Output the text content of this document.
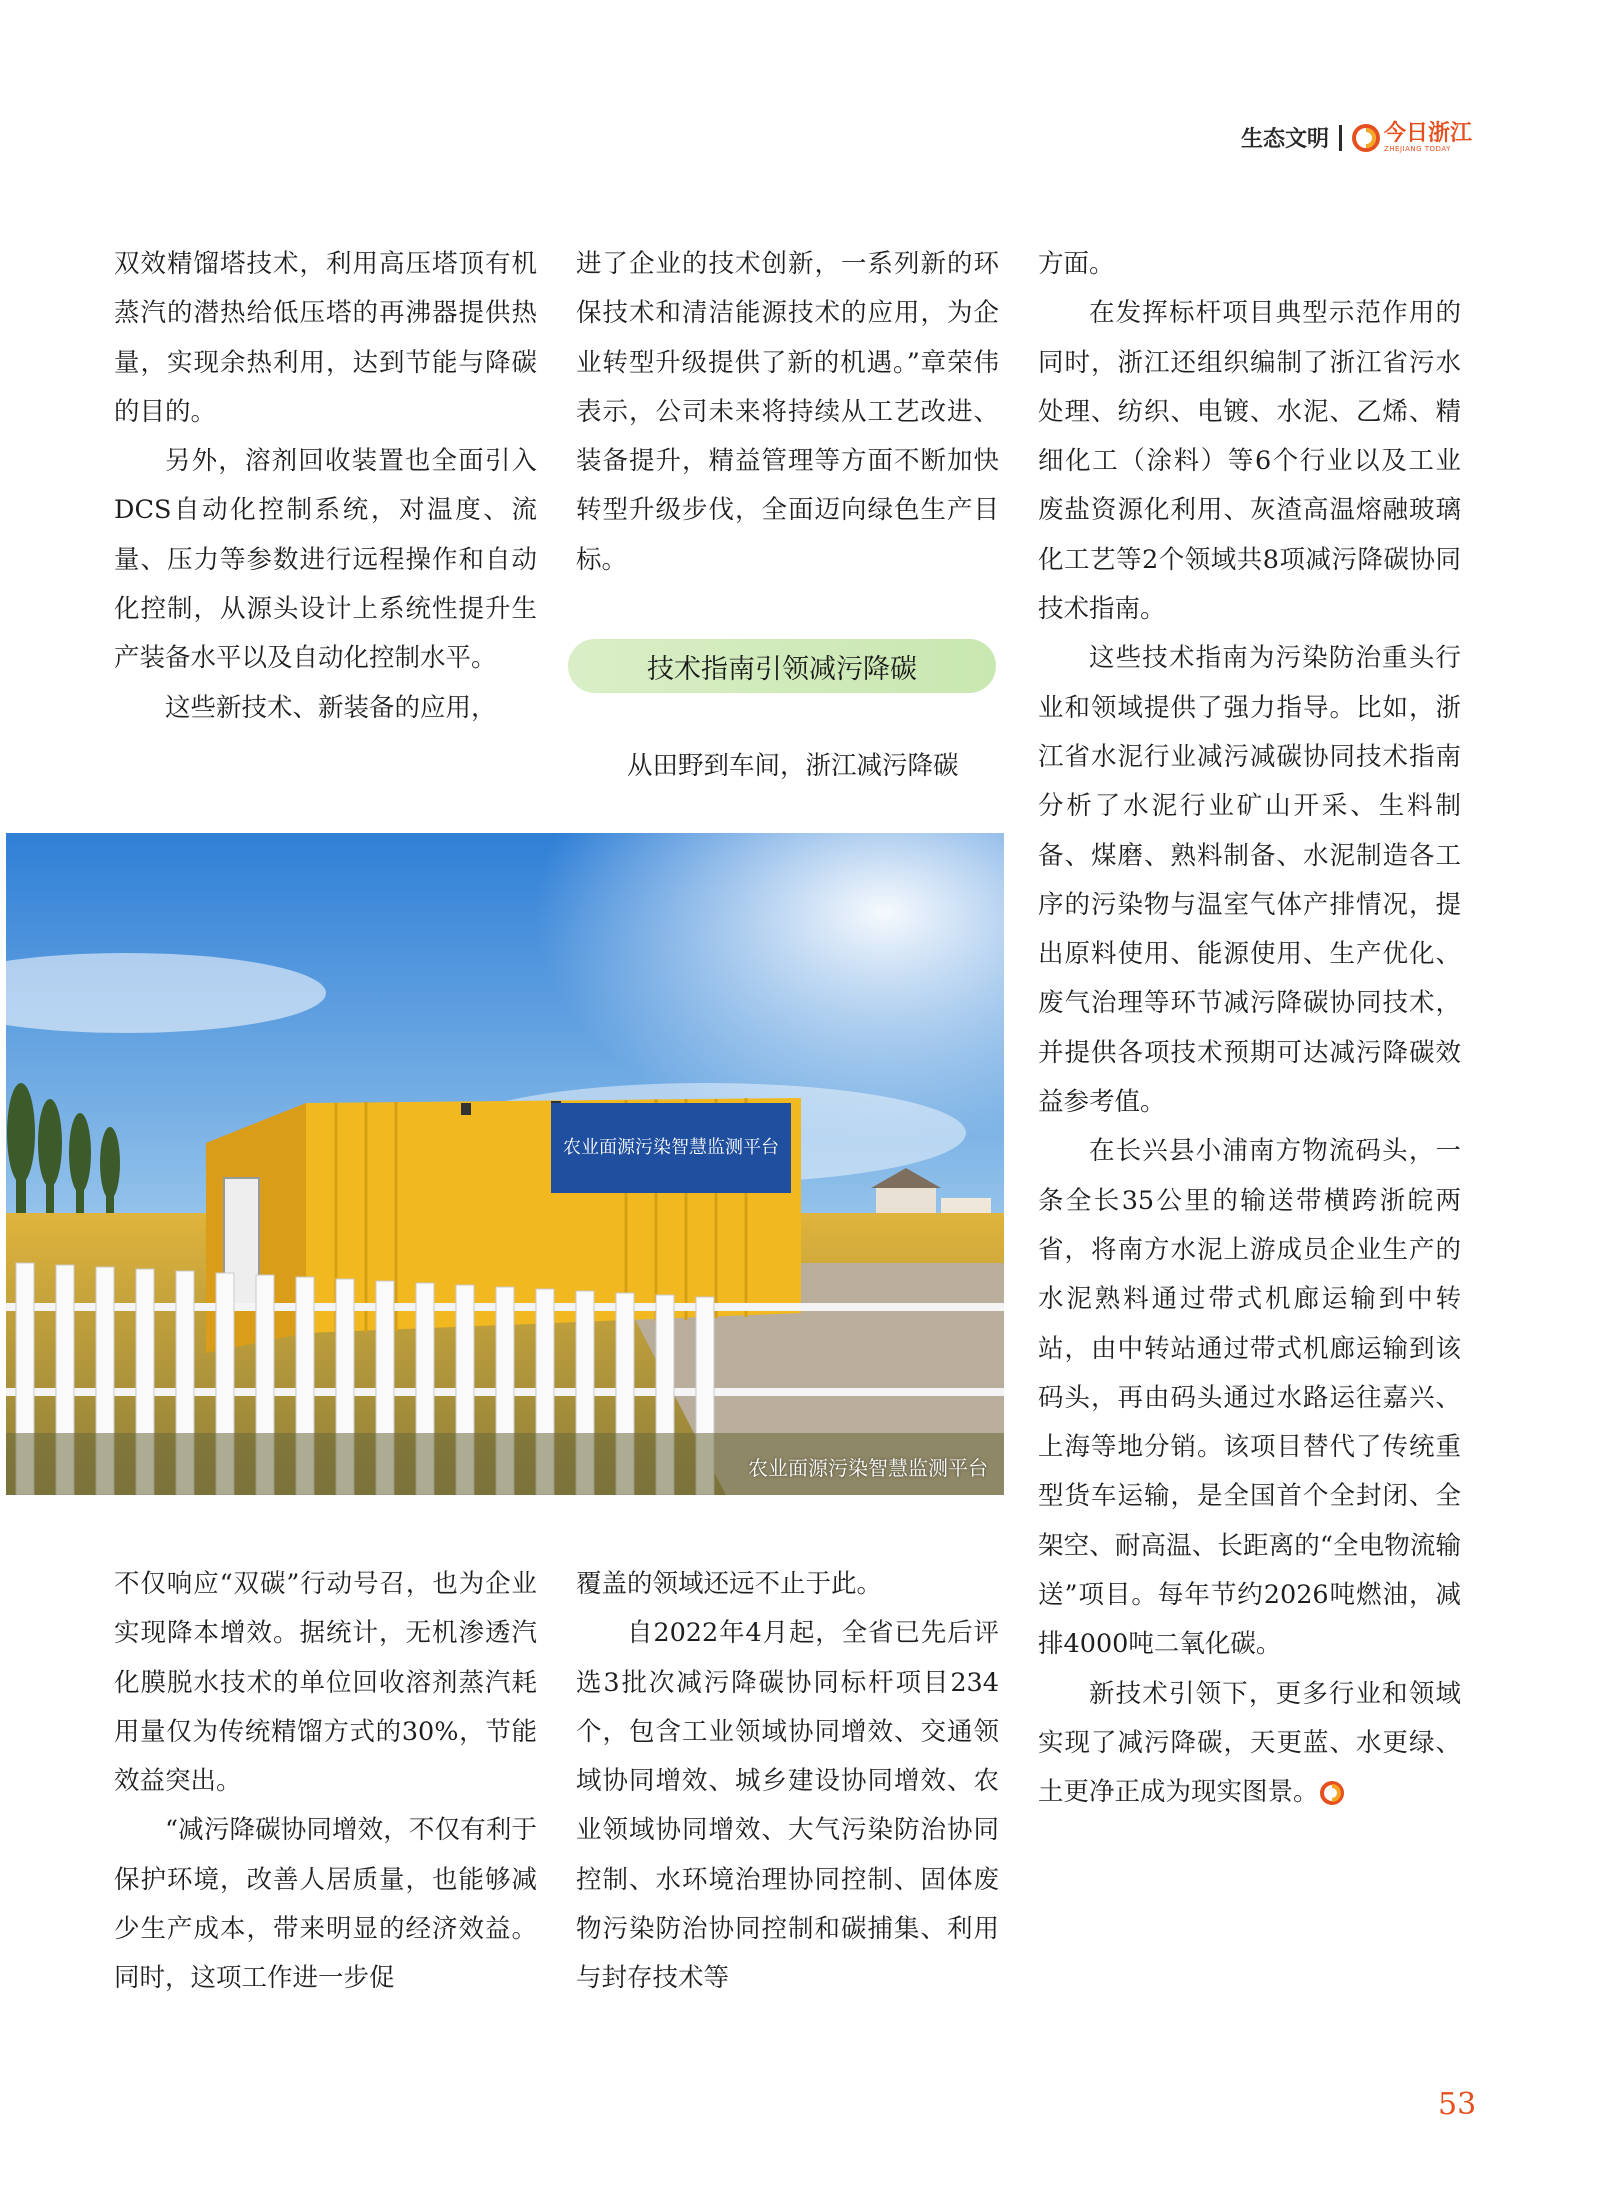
生态文明	今日浙江
ZHEJIANG TODAY

双效精馏塔技术，利用高压塔顶有机蒸汽的潜热给低压塔的再沸器提供热量，实现余热利用，达到节能与降碳的目的。

另外，溶剂回收装置也全面引入DCS自动化控制系统，对温度、流量、压力等参数进行远程操作和自动化控制，从源头设计上系统性提升生产装备水平以及自动化控制水平。

这些新技术、新装备的应用，

进了企业的技术创新，一系列新的环保技术和清洁能源技术的应用，为企业转型升级提供了新的机遇。”章荣伟表示，公司未来将持续从工艺改进、装备提升，精益管理等方面不断加快转型升级步伐，全面迈向绿色生产目标。

技术指南引领减污降碳

从田野到车间，浙江减污降碳

农业面源污染智慧监测平台
农业面源污染智慧监测平台

不仅响应“双碳”行动号召，也为企业实现降本增效。据统计，无机渗透汽化膜脱水技术的单位回收溶剂蒸汽耗用量仅为传统精馏方式的30%，节能效益突出。

“减污降碳协同增效，不仅有利于保护环境，改善人居质量，也能够减少生产成本，带来明显的经济效益。同时，这项工作进一步促

覆盖的领域还远不止于此。

自2022年4月起，全省已先后评选3批次减污降碳协同标杆项目234个，包含工业领域协同增效、交通领域协同增效、城乡建设协同增效、农业领域协同增效、大气污染防治协同控制、水环境治理协同控制、固体废物污染防治协同控制和碳捕集、利用与封存技术等

方面。

在发挥标杆项目典型示范作用的同时，浙江还组织编制了浙江省污水处理、纺织、电镀、水泥、乙烯、精细化工（涂料）等6个行业以及工业废盐资源化利用、灰渣高温熔融玻璃化工艺等2个领域共8项减污降碳协同技术指南。

这些技术指南为污染防治重头行业和领域提供了强力指导。比如，浙江省水泥行业减污减碳协同技术指南分析了水泥行业矿山开采、生料制备、煤磨、熟料制备、水泥制造各工序的污染物与温室气体产排情况，提出原料使用、能源使用、生产优化、废气治理等环节减污降碳协同技术，并提供各项技术预期可达减污降碳效益参考值。

在长兴县小浦南方物流码头，一条全长35公里的输送带横跨浙皖两省，将南方水泥上游成员企业生产的水泥熟料通过带式机廊运输到中转站，由中转站通过带式机廊运输到该码头，再由码头通过水路运往嘉兴、上海等地分销。该项目替代了传统重型货车运输，是全国首个全封闭、全架空、耐高温、长距离的“全电物流输送”项目。每年节约2026吨燃油，减排4000吨二氧化碳。

新技术引领下，更多行业和领域实现了减污降碳，天更蓝、水更绿、土更净正成为现实图景。

53
